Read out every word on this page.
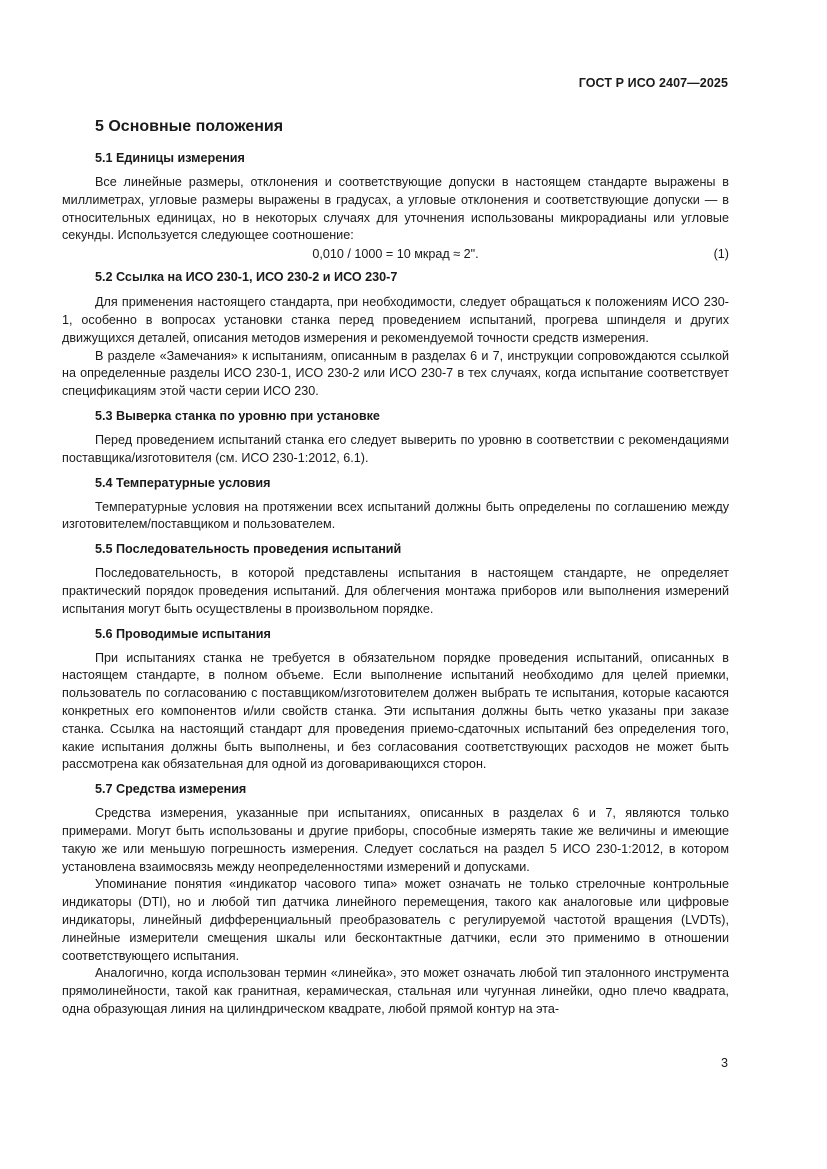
ГОСТ Р ИСО 2407—2025
5 Основные положения
5.1 Единицы измерения

Все линейные размеры, отклонения и соответствующие допуски в настоящем стандарте выражены в миллиметрах, угловые размеры выражены в градусах, а угловые отклонения и соответствующие допуски — в относительных единицах, но в некоторых случаях для уточнения использованы микрорадианы или угловые секунды. Используется следующее соотношение:

0,010 / 1000 = 10 мкрад ≈ 2".	(1)
5.2 Ссылка на ИСО 230-1, ИСО 230-2 и ИСО 230-7

Для применения настоящего стандарта, при необходимости, следует обращаться к положениям ИСО 230-1, особенно в вопросах установки станка перед проведением испытаний, прогрева шпинделя и других движущихся деталей, описания методов измерения и рекомендуемой точности средств измерения.

В разделе «Замечания» к испытаниям, описанным в разделах 6 и 7, инструкции сопровождаются ссылкой на определенные разделы ИСО 230-1, ИСО 230-2 или ИСО 230-7 в тех случаях, когда испытание соответствует спецификациям этой части серии ИСО 230.

5.3 Выверка станка по уровню при установке

Перед проведением испытаний станка его следует выверить по уровню в соответствии с рекомендациями поставщика/изготовителя (см. ИСО 230-1:2012, 6.1).

5.4 Температурные условия

Температурные условия на протяжении всех испытаний должны быть определены по соглашению между изготовителем/поставщиком и пользователем.

5.5 Последовательность проведения испытаний

Последовательность, в которой представлены испытания в настоящем стандарте, не определяет практический порядок проведения испытаний. Для облегчения монтажа приборов или выполнения измерений испытания могут быть осуществлены в произвольном порядке.

5.6 Проводимые испытания

При испытаниях станка не требуется в обязательном порядке проведения испытаний, описанных в настоящем стандарте, в полном объеме. Если выполнение испытаний необходимо для целей приемки, пользователь по согласованию с поставщиком/изготовителем должен выбрать те испытания, которые касаются конкретных его компонентов и/или свойств станка. Эти испытания должны быть четко указаны при заказе станка. Ссылка на настоящий стандарт для проведения приемо-сдаточных испытаний без определения того, какие испытания должны быть выполнены, и без согласования соответствующих расходов не может быть рассмотрена как обязательная для одной из договаривающихся сторон.

5.7 Средства измерения

Средства измерения, указанные при испытаниях, описанных в разделах 6 и 7, являются только примерами. Могут быть использованы и другие приборы, способные измерять такие же величины и имеющие такую же или меньшую погрешность измерения. Следует сослаться на раздел 5 ИСО 230-1:2012, в котором установлена взаимосвязь между неопределенностями измерений и допусками.

Упоминание понятия «индикатор часового типа» может означать не только стрелочные контрольные индикаторы (DTI), но и любой тип датчика линейного перемещения, такого как аналоговые или цифровые индикаторы, линейный дифференциальный преобразователь с регулируемой частотой вращения (LVDTs), линейные измерители смещения шкалы или бесконтактные датчики, если это применимо в отношении соответствующего испытания.

Аналогично, когда использован термин «линейка», это может означать любой тип эталонного инструмента прямолинейности, такой как гранитная, керамическая, стальная или чугунная линейки, одно плечо квадрата, одна образующая линия на цилиндрическом квадрате, любой прямой контур на эта-

3
